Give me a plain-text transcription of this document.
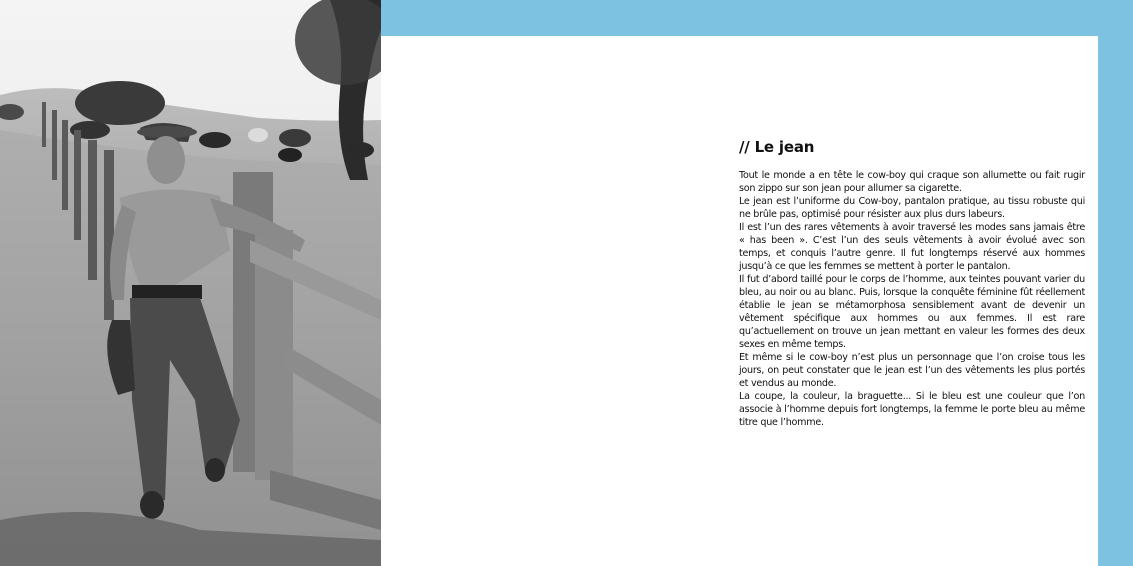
// Le jean

Tout le monde a en tête le cow-boy qui craque son allumette ou fait rugir son zippo sur son jean pour allumer sa cigarette.

Le jean est l’uniforme du Cow-boy, pantalon pratique, au tissu robuste qui ne brûle pas, optimisé pour résister aux plus durs labeurs.

Il est l’un des rares vêtements à avoir traversé les modes sans jamais être « has been ». C’est l’un des seuls vêtements à avoir évolué avec son temps, et conquis l’autre genre. Il fut longtemps réservé aux hommes jusqu’à ce que les femmes se mettent à porter le pantalon.

Il fut d’abord taillé pour le corps de l’homme, aux teintes pouvant varier du bleu, au noir ou au blanc. Puis, lorsque la conquête féminine fût réellement établie le jean se métamorphosa sensiblement avant de devenir un vêtement spécifique aux hommes ou aux femmes. Il est rare qu’actuellement on trouve un jean mettant en valeur les formes des deux sexes en même temps.

Et même si le cow-boy n’est plus un personnage que l’on croise tous les jours, on peut constater que le jean est l’un des vêtements les plus portés et vendus au monde.

La coupe, la couleur, la braguette... Si le bleu est une couleur que l’on associe à l’homme depuis fort longtemps, la femme le porte bleu au même titre que l’homme.
